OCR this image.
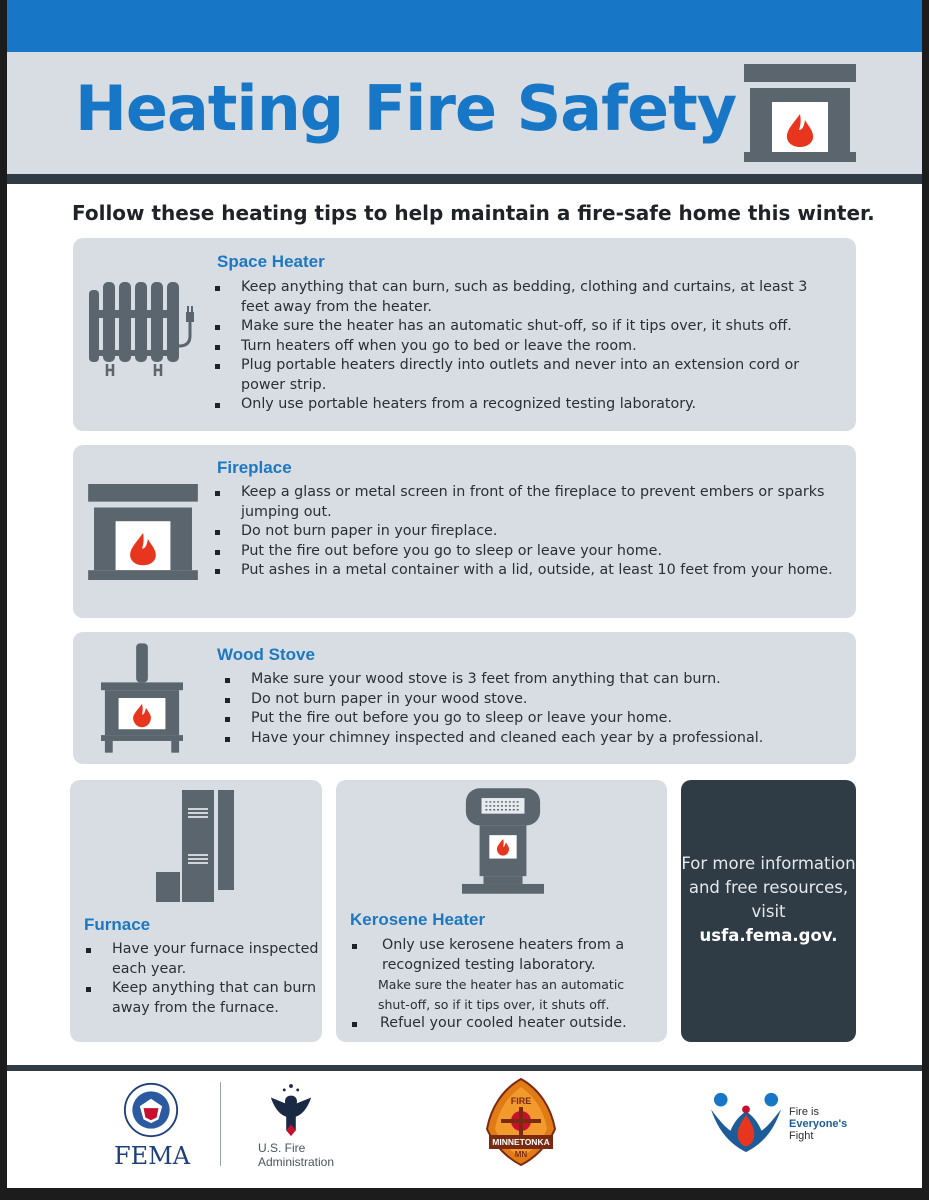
Heating Fire Safety
Follow these heating tips to help maintain a fire-safe home this winter.
Space Heater
Keep anything that can burn, such as bedding, clothing and curtains, at least 3 feet away from the heater.
Make sure the heater has an automatic shut-off, so if it tips over, it shuts off.
Turn heaters off when you go to bed or leave the room.
Plug portable heaters directly into outlets and never into an extension cord or power strip.
Only use portable heaters from a recognized testing laboratory.
Fireplace
Keep a glass or metal screen in front of the fireplace to prevent embers or sparks jumping out.
Do not burn paper in your fireplace.
Put the fire out before you go to sleep or leave your home.
Put ashes in a metal container with a lid, outside, at least 10 feet from your home.
Wood Stove
Make sure your wood stove is 3 feet from anything that can burn.
Do not burn paper in your wood stove.
Put the fire out before you go to sleep or leave your home.
Have your chimney inspected and cleaned each year by a professional.
Furnace
Have your furnace inspected each year.
Keep anything that can burn away from the furnace.
Kerosene Heater
Only use kerosene heaters from a recognized testing laboratory.
Make sure the heater has an automatic shut-off, so if it tips over, it shuts off.
Refuel your cooled heater outside.
For more information and free resources, visit
usfa.fema.gov.
FEMA	U.S. Fire
Administration
FIRE
MINNETONKA
MN
Fire is
Everyone's
Fight
